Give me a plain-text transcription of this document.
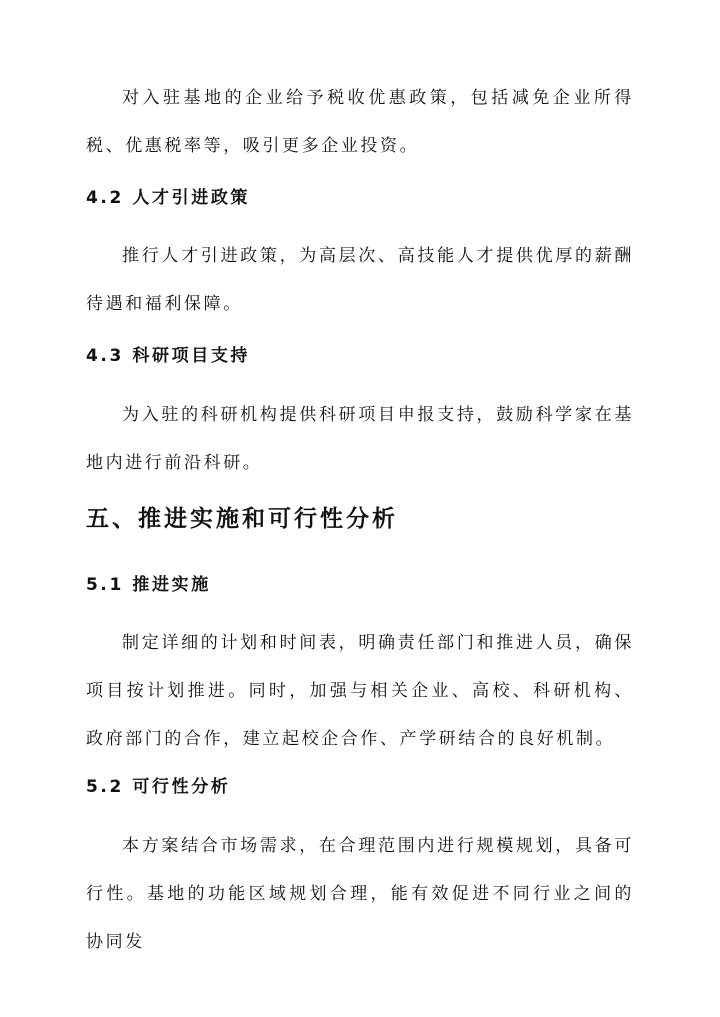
对入驻基地的企业给予税收优惠政策，包括减免企业所得税、优惠税率等，吸引更多企业投资。

4.2 人才引进政策

推行人才引进政策，为高层次、高技能人才提供优厚的薪酬待遇和福利保障。

4.3 科研项目支持

为入驻的科研机构提供科研项目申报支持，鼓励科学家在基地内进行前沿科研。

五、推进实施和可行性分析
5.1 推进实施

制定详细的计划和时间表，明确责任部门和推进人员，确保项目按计划推进。同时，加强与相关企业、高校、科研机构、政府部门的合作，建立起校企合作、产学研结合的良好机制。

5.2 可行性分析

本方案结合市场需求，在合理范围内进行规模规划，具备可行性。基地的功能区域规划合理，能有效促进不同行业之间的协同发
